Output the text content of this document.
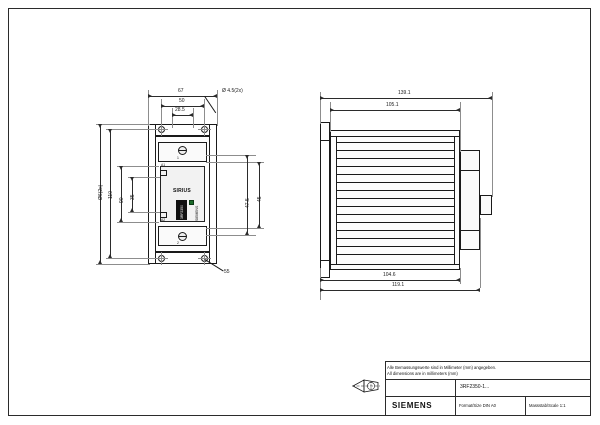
1
2
SIRIUS
3RF2350	SIEMENS
A1
A2
67
50
28.5
Ø 4.5(2x)
55
Ø6(2x) 110
90
35
47.5 45
139.1
105.1
104.6
119.1
Alle Bemassungswerte sind in Millimeter (mm) angegeben.
All dimensions are in millimeters (mm)
3RF2350-1...
Format/Size DIN A0	Massstab/Scale 1:1
SIEMENS
